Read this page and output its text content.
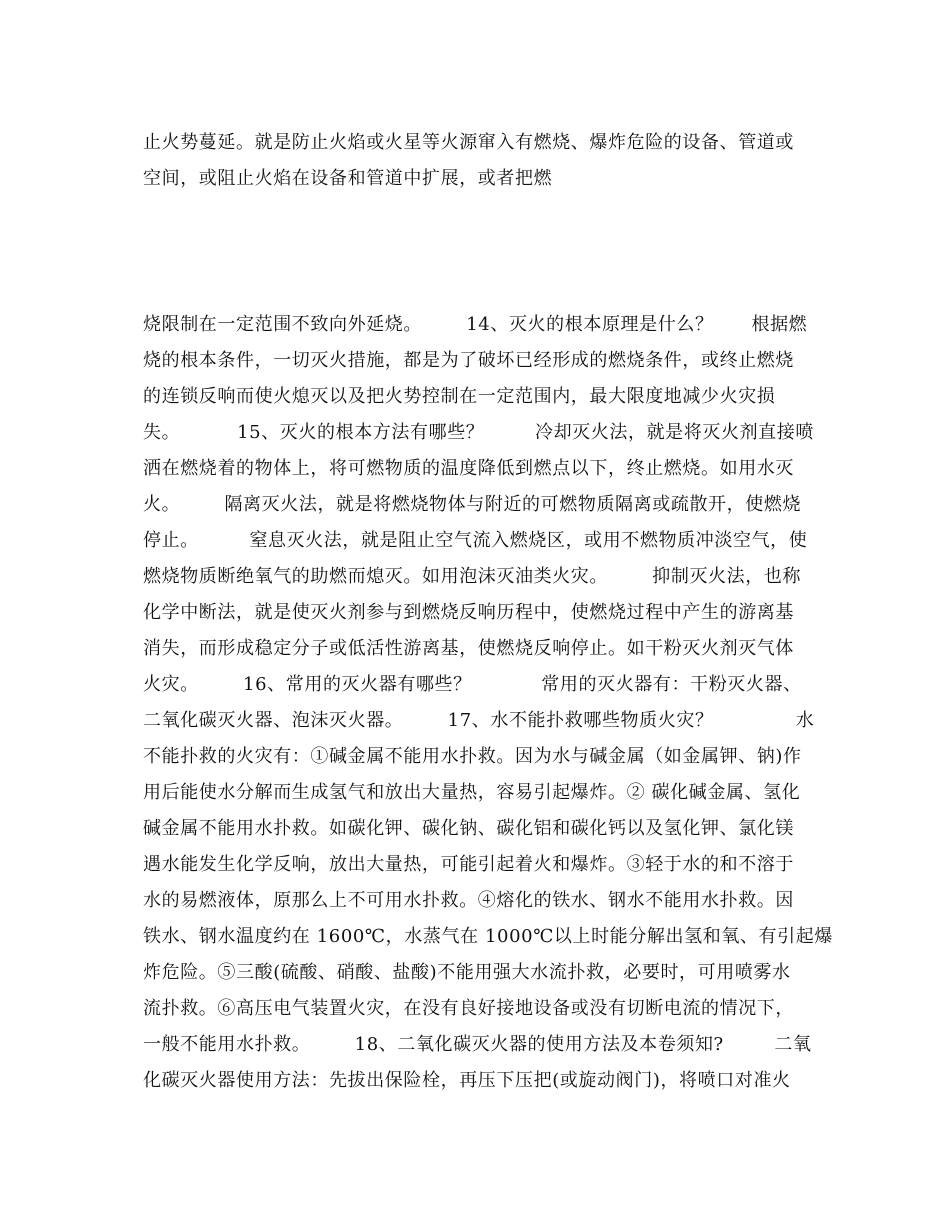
止火势蔓延。就是防止火焰或火星等火源窜入有燃烧、爆炸危险的设备、管道或

空间，或阻止火焰在设备和管道中扩展，或者把燃

烧限制在一定范围不致向外延烧。       14、灭火的根本原理是什么？      根据燃

烧的根本条件，一切灭火措施，都是为了破坏已经形成的燃烧条件，或终止燃烧

的连锁反响而使火熄灭以及把火势控制在一定范围内，最大限度地减少火灾损

失。         15、灭火的根本方法有哪些？        冷却灭火法，就是将灭火剂直接喷

洒在燃烧着的物体上，将可燃物质的温度降低到燃点以下，终止燃烧。如用水灭

火。       隔离灭火法，就是将燃烧物体与附近的可燃物质隔离或疏散开，使燃烧

停止。        窒息灭火法，就是阻止空气流入燃烧区，或用不燃物质冲淡空气，使

燃烧物质断绝氧气的助燃而熄灭。如用泡沫灭油类火灾。       抑制灭火法，也称

化学中断法，就是使灭火剂参与到燃烧反响历程中，使燃烧过程中产生的游离基

消失，而形成稳定分子或低活性游离基，使燃烧反响停止。如干粉灭火剂灭气体

火灾。       16、常用的灭火器有哪些？           常用的灭火器有：干粉灭火器、

二氧化碳灭火器、泡沫灭火器。       17、水不能扑救哪些物质火灾？             水

不能扑救的火灾有：①碱金属不能用水扑救。因为水与碱金属（如金属钾、钠)作

用后能使水分解而生成氢气和放出大量热，容易引起爆炸。② 碳化碱金属、氢化

碱金属不能用水扑救。如碳化钾、碳化钠、碳化铝和碳化钙以及氢化钾、氯化镁

遇水能发生化学反响，放出大量热，可能引起着火和爆炸。③轻于水的和不溶于

水的易燃液体，原那么上不可用水扑救。④熔化的铁水、钢水不能用水扑救。因

铁水、钢水温度约在 1600℃，水蒸气在 1000℃以上时能分解出氢和氧、有引起爆

炸危险。⑤三酸(硫酸、硝酸、盐酸)不能用强大水流扑救，必要时，可用喷雾水

流扑救。⑥高压电气装置火灾，在没有良好接地设备或没有切断电流的情况下，

一般不能用水扑救。       18、二氧化碳灭火器的使用方法及本卷须知?        二氧

化碳灭火器使用方法：先拔出保险栓，再压下压把(或旋动阀门)，将喷口对准火
